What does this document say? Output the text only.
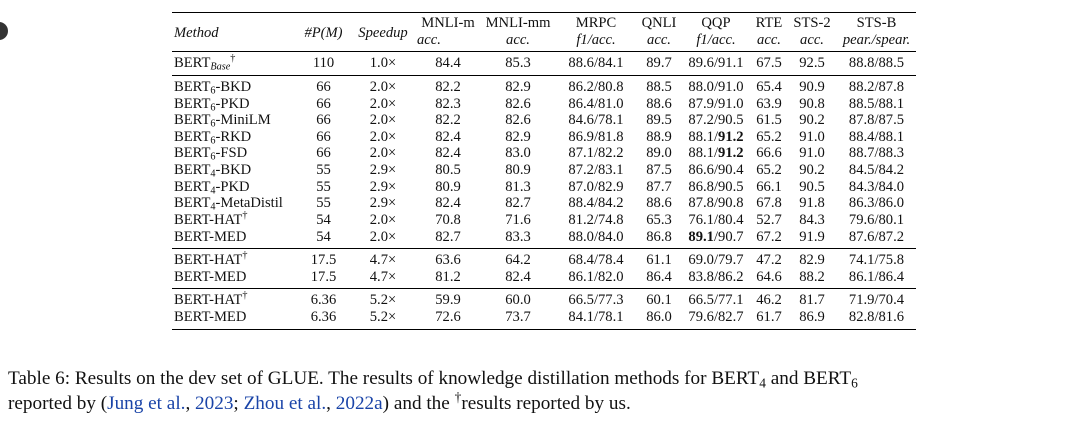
Method	#P(M)	Speedup	MNLI-m	MNLI-mm	MRPC	QNLI	QQP	RTE	STS-2	STS-B
			acc.	acc.	f1/acc.	acc.	f1/acc.	acc.	acc.	pear./spear.
$BERT_{Base}^\dagger$	110	1.0×	84.4	85.3	88.6/84.1	89.7	89.6/91.1	67.5	92.5	88.8/88.5
$BERT_6$-BKD	66	2.0×	82.2	82.9	86.2/80.8	88.5	88.0/91.0	65.4	90.9	88.2/87.8
$BERT_6$-PKD	66	2.0×	82.3	82.6	86.4/81.0	88.6	87.9/91.0	63.9	90.8	88.5/88.1
$BERT_6$-MiniLM	66	2.0×	82.2	82.6	84.6/78.1	89.5	87.2/90.5	61.5	90.2	87.8/87.5
$BERT_6$-RKD	66	2.0×	82.4	82.9	86.9/81.8	88.9	88.1/91.2	65.2	91.0	88.4/88.1
$BERT_6$-FSD	66	2.0×	82.4	83.0	87.1/82.2	89.0	88.1/91.2	66.6	91.0	88.7/88.3
$BERT_4$-BKD	55	2.9×	80.5	80.9	87.2/83.1	87.5	86.6/90.4	65.2	90.2	84.5/84.2
$BERT_4$-PKD	55	2.9×	80.9	81.3	87.0/82.9	87.7	86.8/90.5	66.1	90.5	84.3/84.0
$BERT_4$-MetaDistil	55	2.9×	82.4	82.7	88.4/84.2	88.6	87.8/90.8	67.8	91.8	86.3/86.0
BERT-HAT†	54	2.0×	70.8	71.6	81.2/74.8	65.3	76.1/80.4	52.7	84.3	79.6/80.1
BERT-MED	54	2.0×	82.7	83.3	88.0/84.0	86.8	89.1/90.7	67.2	91.9	87.6/87.2
BERT-HAT†	17.5	4.7×	63.6	64.2	68.4/78.4	61.1	69.0/79.7	47.2	82.9	74.1/75.8
BERT-MED	17.5	4.7×	81.2	82.4	86.1/82.0	86.4	83.8/86.2	64.6	88.2	86.1/86.4
BERT-HAT†	6.36	5.2×	59.9	60.0	66.5/77.3	60.1	66.5/77.1	46.2	81.7	71.9/70.4
BERT-MED	6.36	5.2×	72.6	73.7	84.1/78.1	86.0	79.6/82.7	61.7	86.9	82.8/81.6
Table 6: Results on the dev set of GLUE. The results of knowledge distillation methods for $BERT_4$ and $BERT_6$
reported by (Jung et al., 2023; Zhou et al., 2022a) and the †results reported by us.
